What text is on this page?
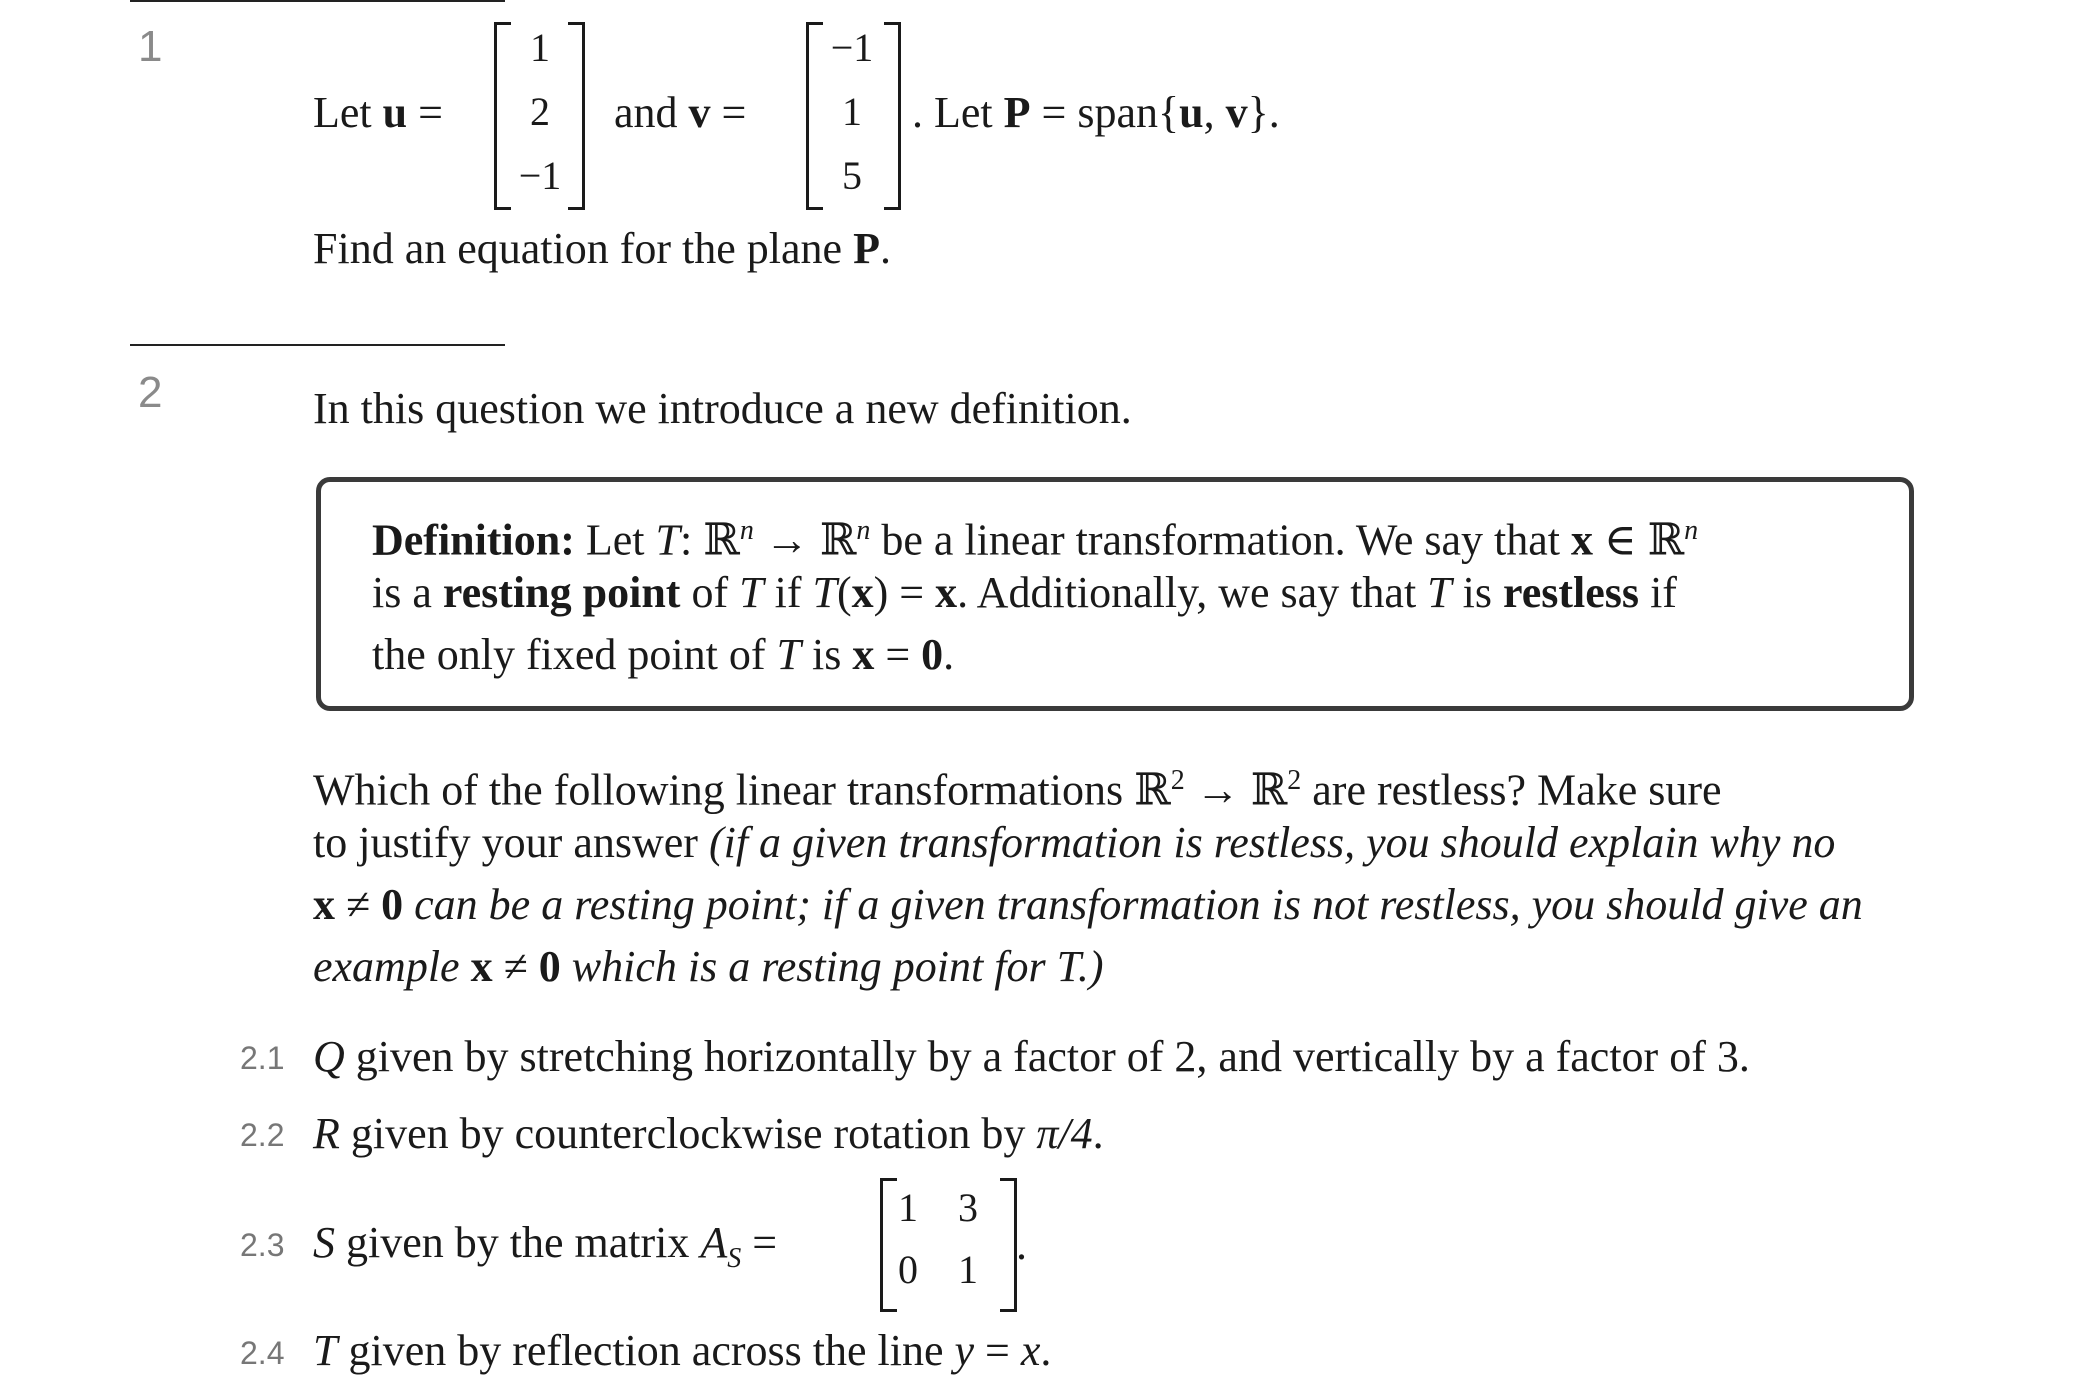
1
Let u =
1
2
−1
and v =
−1
1
5
. Let P = span{u, v}.
Find an equation for the plane P.
2	In this question we introduce a new definition.
Definition: Let T: ℝ$^n$ → ℝ$^n$ be a linear transformation. We say that x ∈ ℝ$^n$
is a resting point of T if T(x) = x. Additionally, we say that T is restless if
the only fixed point of T is x = 0.
Which of the following linear transformations ℝ$^2$ → ℝ$^2$ are restless? Make sure
to justify your answer (if a given transformation is restless, you should explain why no
x ≠ 0 can be a resting point; if a given transformation is not restless, you should give an
example x ≠ 0 which is a resting point for T.)
2.1 Q given by stretching horizontally by a factor of 2, and vertically by a factor of 3.
2.2 R given by counterclockwise rotation by π/4.
2.3 S given by the matrix $A_S$ =
1	3
0	1
.
2.4 T given by reflection across the line y = x.
